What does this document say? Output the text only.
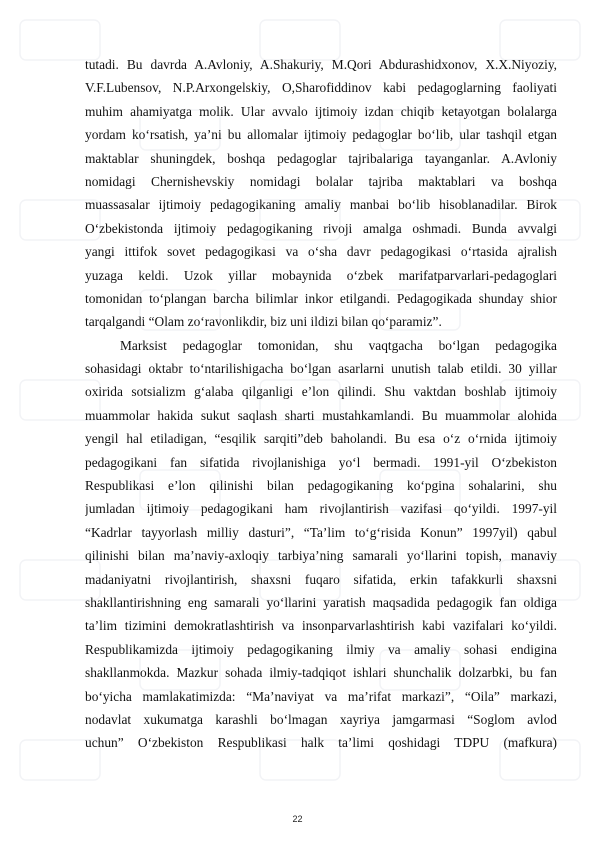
tutadi. Bu davrda A.Avloniy, A.Shakuriy, M.Qori Abdurashidxonov, X.X.Niyoziy,
V.F.Lubensov, N.P.Arxongelskiy, O,Sharofiddinov kabi pedagoglarning faoliyati
muhim ahamiyatga molik. Ular avvalo ijtimoiy izdan chiqib ketayotgan bolalarga
yordam ko‘rsatish, ya’ni bu allomalar ijtimoiy pedagoglar bo‘lib, ular tashqil etgan
maktablar shuningdek, boshqa pedagoglar tajribalariga tayanganlar. A.Avloniy
nomidagi Chernishevskiy nomidagi bolalar tajriba maktablari va boshqa
muassasalar ijtimoiy pedagogikaning amaliy manbai bo‘lib hisoblanadilar. Birok
O‘zbekistonda ijtimoiy pedagogikaning rivoji amalga oshmadi. Bunda avvalgi
yangi ittifok sovet pedagogikasi va o‘sha davr pedagogikasi o‘rtasida ajralish
yuzaga keldi. Uzok yillar mobaynida o‘zbek marifatparvarlari-pedagoglari
tomonidan to‘plangan barcha bilimlar inkor etilgandi. Pedagogikada shunday shior
tarqalgandi “Olam zo‘ravonlikdir, biz uni ildizi bilan qo‘paramiz”.
Marksist pedagoglar tomonidan, shu vaqtgacha bo‘lgan pedagogika
sohasidagi oktabr to‘ntarilishigacha bo‘lgan asarlarni unutish talab etildi. 30 yillar
oxirida sotsializm g‘alaba qilganligi e’lon qilindi. Shu vaktdan boshlab ijtimoiy
muammolar hakida sukut saqlash sharti mustahkamlandi. Bu muammolar alohida
yengil hal etiladigan, “esqilik sarqiti”deb baholandi. Bu esa o‘z o‘rnida ijtimoiy
pedagogikani fan sifatida rivojlanishiga yo‘l bermadi. 1991-yil O‘zbekiston
Respublikasi e’lon qilinishi bilan pedagogikaning ko‘pgina sohalarini, shu
jumladan ijtimoiy pedagogikani ham rivojlantirish vazifasi qo‘yildi. 1997-yil
“Kadrlar tayyorlash milliy dasturi”, “Ta’lim to‘g‘risida Konun” 1997yil) qabul
qilinishi bilan ma’naviy-axloqiy tarbiya’ning samarali yo‘llarini topish, manaviy
madaniyatni rivojlantirish, shaxsni fuqaro sifatida, erkin tafakkurli shaxsni
shakllantirishning eng samarali yo‘llarini yaratish maqsadida pedagogik fan oldiga
ta’lim tizimini demokratlashtirish va insonparvarlashtirish kabi vazifalari ko‘yildi.
Respublikamizda ijtimoiy pedagogikaning ilmiy va amaliy sohasi endigina
shakllanmokda. Mazkur sohada ilmiy-tadqiqot ishlari shunchalik dolzarbki, bu fan
bo‘yicha mamlakatimizda: “Ma’naviyat va ma’rifat markazi”, “Oila” markazi,
nodavlat xukumatga karashli bo‘lmagan xayriya jamgarmasi “Soglom avlod
uchun” O‘zbekiston Respublikasi halk ta’limi qoshidagi TDPU (mafkura)
22
